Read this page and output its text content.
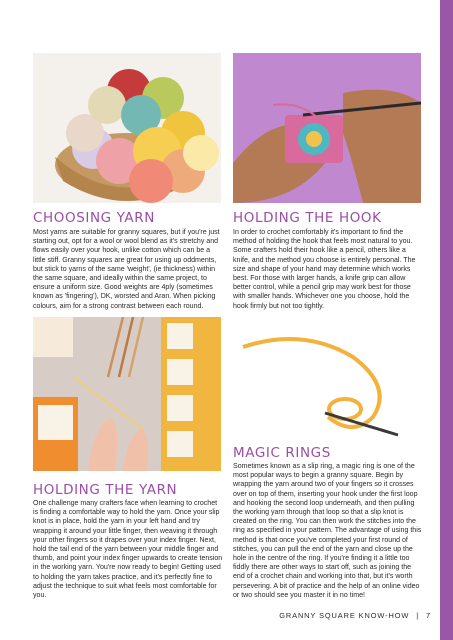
CHOOSING YARN

Most yarns are suitable for granny squares, but if you're just starting out, opt for a wool or wool blend as it's stretchy and flows easily over your hook, unlike cotton which can be a little stiff. Granny squares are great for using up oddments, but stick to yarns of the same 'weight', (ie thickness) within the same square, and ideally within the same project, to ensure a uniform size. Good weights are 4ply (sometimes known as 'fingering'), DK, worsted and Aran. When picking colours, aim for a strong contrast between each round.

HOLDING THE HOOK

In order to crochet comfortably it's important to find the method of holding the hook that feels most natural to you. Some crafters hold their hook like a pencil, others like a knife, and the method you choose is entirely personal. The size and shape of your hand may determine which works best. For those with larger hands, a knife grip can allow better control, while a pencil grip may work best for those with smaller hands. Whichever one you choose, hold the hook firmly but not too tightly.

HOLDING THE YARN

One challenge many crafters face when learning to crochet is finding a comfortable way to hold the yarn. Once your slip knot is in place, hold the yarn in your left hand and try wrapping it around your little finger, then weaving it through your other fingers so it drapes over your index finger. Next, hold the tail end of the yarn between your middle finger and thumb, and point your index finger upwards to create tension in the working yarn. You're now ready to begin! Getting used to holding the yarn takes practice, and it's perfectly fine to adjust the technique to suit what feels most comfortable for you.

MAGIC RINGS

Sometimes known as a slip ring, a magic ring is one of the most popular ways to begin a granny square. Begin by wrapping the yarn around two of your fingers so it crosses over on top of them, inserting your hook under the first loop and hooking the second loop underneath, and then pulling the working yarn through that loop so that a slip knot is created on the ring. You can then work the stitches into the ring as specified in your pattern. The advantage of using this method is that once you've completed your first round of stitches, you can pull the end of the yarn and close up the hole in the centre of the ring. If you're finding it a little too fiddly there are other ways to start off, such as joining the end of a crochet chain and working into that, but it's worth persevering. A bit of practice and the help of an online video or two should see you master it in no time!

GRANNY SQUARE KNOW-HOW | 7
